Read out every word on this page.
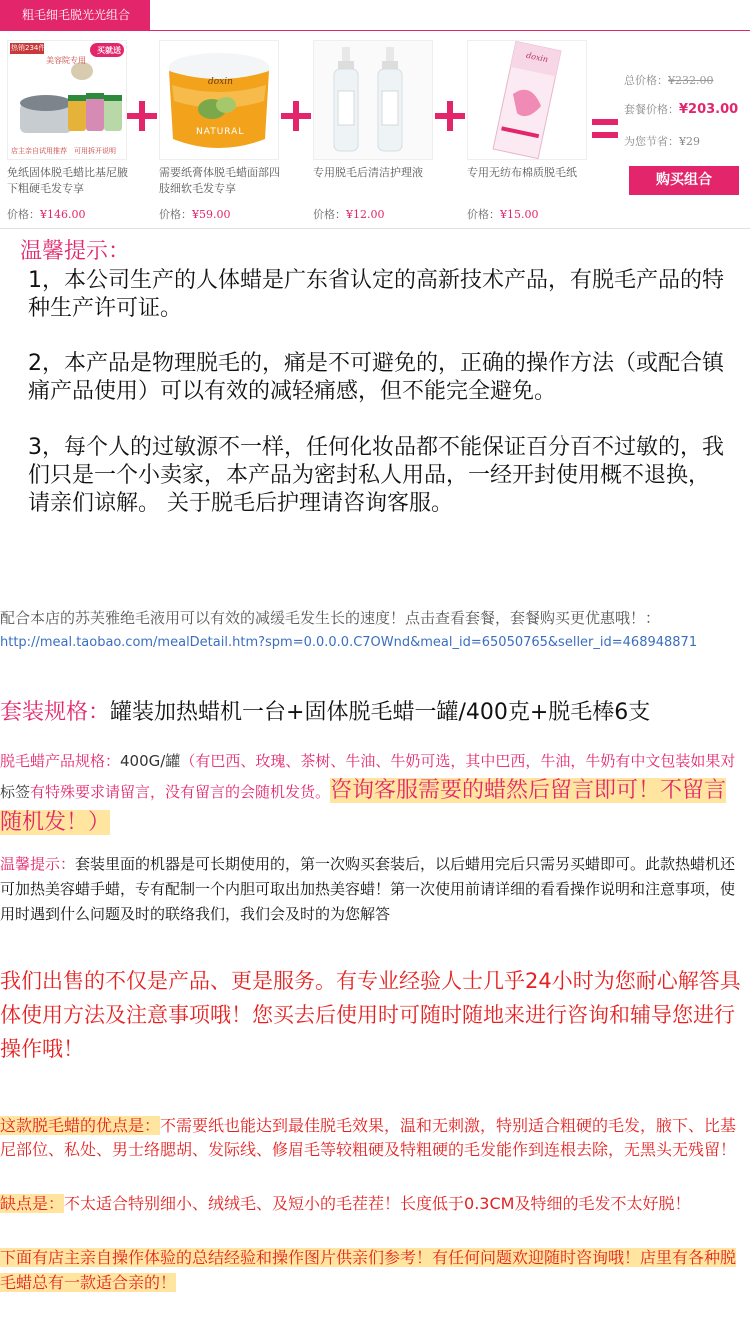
粗毛细毛脱光光组合
热销234件
美容院专用
买就送
店主亲自试用推荐 可用拆开说明
免纸固体脱毛蜡比基尼腋下粗硬毛发专享
价格：¥146.00
doxin
NATURAL
需要纸膏体脱毛蜡面部四肢细软毛发专享
价格：¥59.00
专用脱毛后清洁护理液
价格：¥12.00
doxin
专用无纺布棉质脱毛纸
价格：¥15.00
总价格：¥232.00
套餐价格：¥203.00
为您节省：¥29
购买组合
温馨提示：

1，本公司生产的人体蜡是广东省认定的高新技术产品，有脱毛产品的特种生产许可证。

2，本产品是物理脱毛的，痛是不可避免的，正确的操作方法（或配合镇痛产品使用）可以有效的减轻痛感，但不能完全避免。

3，每个人的过敏源不一样，任何化妆品都不能保证百分百不过敏的，我们只是一个小卖家，本产品为密封私人用品，一经开封使用概不退换，请亲们谅解。 关于脱毛后护理请咨询客服。

配合本店的苏芙雅绝毛液用可以有效的减缓毛发生长的速度！点击查看套餐，套餐购买更优惠哦！：http://meal.taobao.com/mealDetail.htm?spm=0.0.0.0.C7OWnd&meal_id=65050765&seller_id=468948871

套装规格：罐装加热蜡机一台+固体脱毛蜡一罐/400克+脱毛棒6支

脱毛蜡产品规格：400G/罐（有巴西、玫瑰、茶树、牛油、牛奶可选，其中巴西，牛油，牛奶有中文包装如果对标签有特殊要求请留言，没有留言的会随机发货。咨询客服需要的蜡然后留言即可！不留言随机发！）

温馨提示：套装里面的机器是可长期使用的，第一次购买套装后，以后蜡用完后只需另买蜡即可。此款热蜡机还可加热美容蜡手蜡，专有配制一个内胆可取出加热美容蜡！第一次使用前请详细的看看操作说明和注意事项，使用时遇到什么问题及时的联络我们，我们会及时的为您解答

我们出售的不仅是产品、更是服务。有专业经验人士几乎24小时为您耐心解答具体使用方法及注意事项哦！您买去后使用时可随时随地来进行咨询和辅导您进行操作哦！

这款脱毛蜡的优点是：不需要纸也能达到最佳脱毛效果，温和无刺激，特别适合粗硬的毛发，腋下、比基尼部位、私处、男士络腮胡、发际线、修眉毛等较粗硬及特粗硬的毛发能作到连根去除，无黑头无残留！

缺点是：不太适合特别细小、绒绒毛、及短小的毛茬茬！长度低于0.3CM及特细的毛发不太好脱！

下面有店主亲自操作体验的总结经验和操作图片供亲们参考！有任何问题欢迎随时咨询哦！店里有各种脱毛蜡总有一款适合亲的！
